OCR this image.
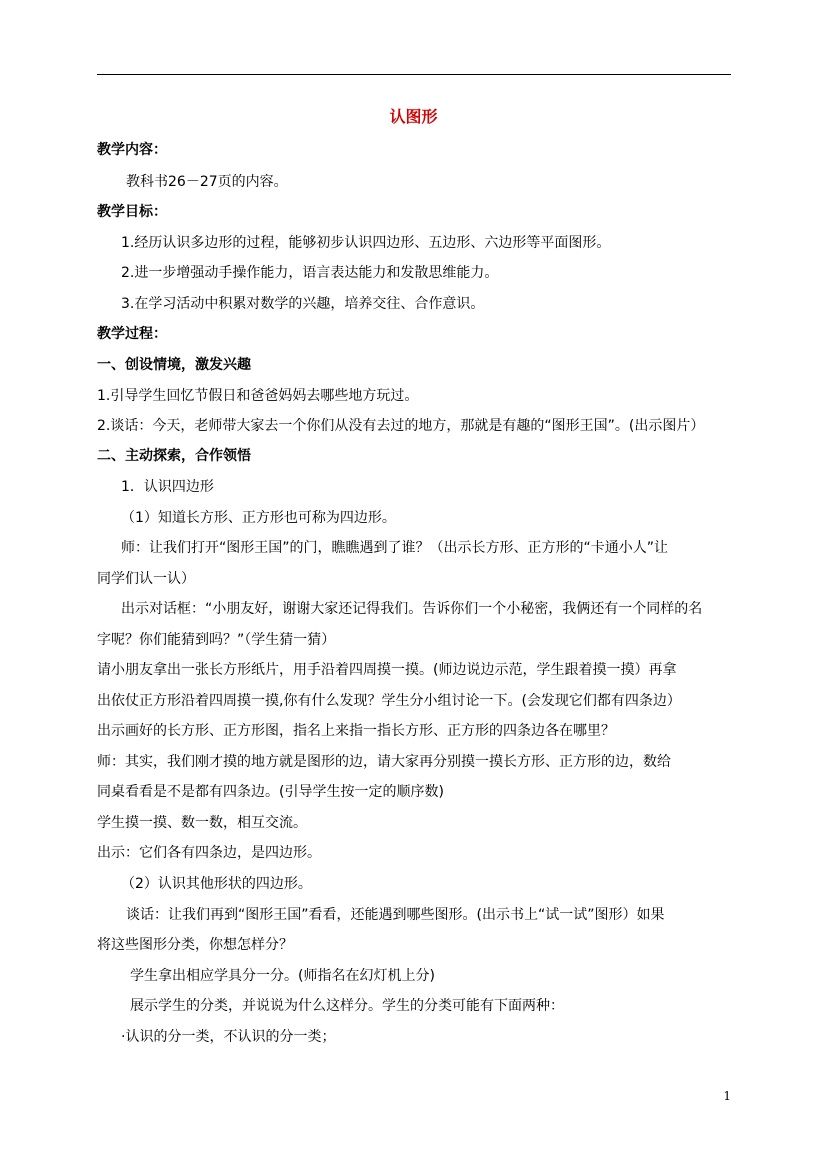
认图形
教学内容：
教科书26－27页的内容。
教学目标：
1.经历认识多边形的过程，能够初步认识四边形、五边形、六边形等平面图形。
2.进一步增强动手操作能力，语言表达能力和发散思维能力。
3.在学习活动中积累对数学的兴趣，培养交往、合作意识。
教学过程：
一、创设情境，激发兴趣
1.引导学生回忆节假日和爸爸妈妈去哪些地方玩过。
2.谈话：今天，老师带大家去一个你们从没有去过的地方，那就是有趣的“图形王国”。(出示图片）
二、主动探索，合作领悟
1．认识四边形
（1）知道长方形、正方形也可称为四边形。
师：让我们打开“图形王国”的门，瞧瞧遇到了谁？（出示长方形、正方形的“卡通小人”让
同学们认一认）
出示对话框：“小朋友好，谢谢大家还记得我们。告诉你们一个小秘密，我俩还有一个同样的名
字呢？你们能猜到吗？”（学生猜一猜）
请小朋友拿出一张长方形纸片，用手沿着四周摸一摸。(师边说边示范，学生跟着摸一摸）再拿
出依仗正方形沿着四周摸一摸,你有什么发现？学生分小组讨论一下。(会发现它们都有四条边）
出示画好的长方形、正方形图，指名上来指一指长方形、正方形的四条边各在哪里？
师：其实，我们刚才摸的地方就是图形的边，请大家再分别摸一摸长方形、正方形的边，数给
同桌看看是不是都有四条边。(引导学生按一定的顺序数)
学生摸一摸、数一数，相互交流。
出示：它们各有四条边，是四边形。
（2）认识其他形状的四边形。
谈话：让我们再到“图形王国”看看，还能遇到哪些图形。(出示书上“试一试”图形）如果
将这些图形分类，你想怎样分？
学生拿出相应学具分一分。(师指名在幻灯机上分)
展示学生的分类，并说说为什么这样分。学生的分类可能有下面两种：
·认识的分一类，不认识的分一类；
1
